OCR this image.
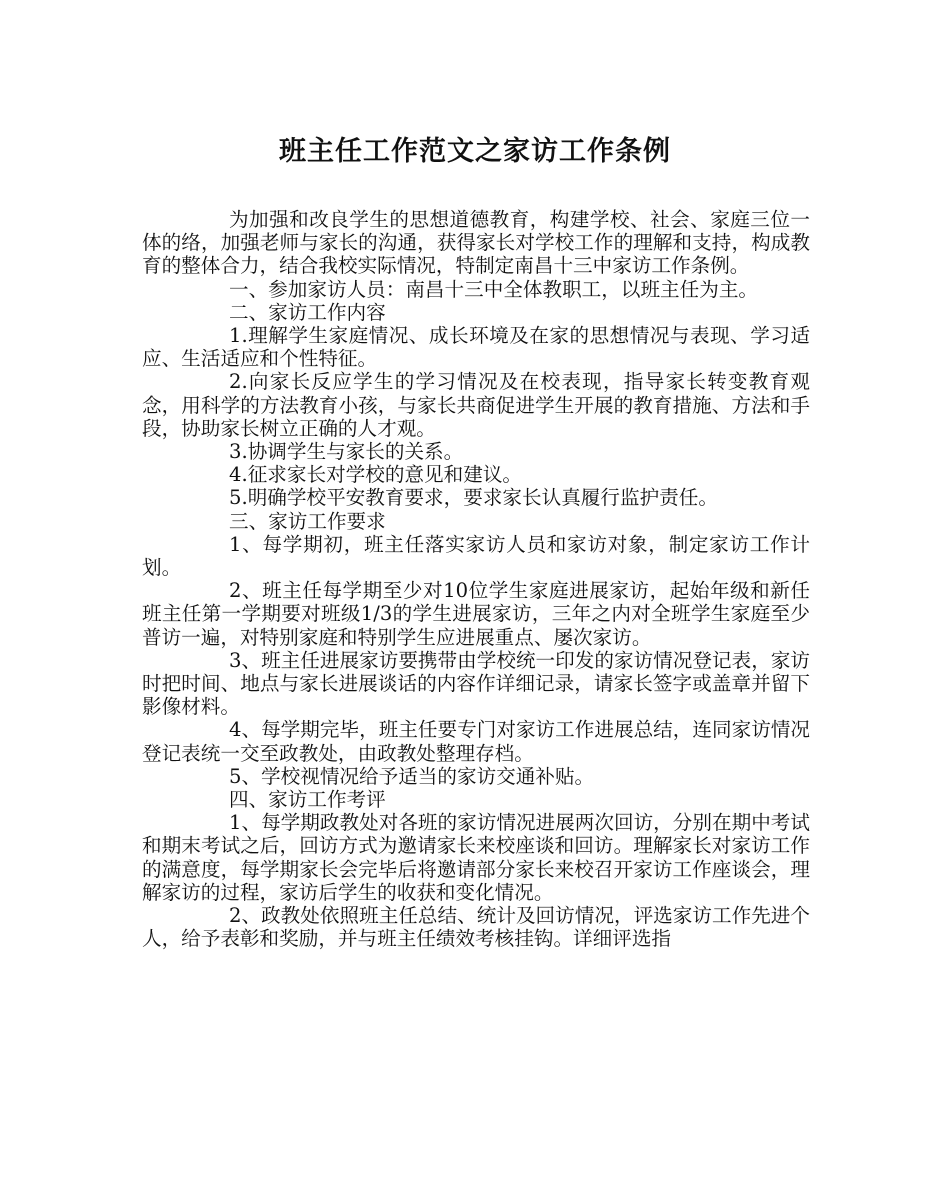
班主任工作范文之家访工作条例

为加强和改良学生的思想道德教育，构建学校、社会、家庭三位一体的络，加强老师与家长的沟通，获得家长对学校工作的理解和支持，构成教育的整体合力，结合我校实际情况，特制定南昌十三中家访工作条例。

一、参加家访人员：南昌十三中全体教职工，以班主任为主。

二、家访工作内容

1.理解学生家庭情况、成长环境及在家的思想情况与表现、学习适应、生活适应和个性特征。

2.向家长反应学生的学习情况及在校表现，指导家长转变教育观念，用科学的方法教育小孩，与家长共商促进学生开展的教育措施、方法和手段，协助家长树立正确的人才观。

3.协调学生与家长的关系。

4.征求家长对学校的意见和建议。

5.明确学校平安教育要求，要求家长认真履行监护责任。

三、家访工作要求

1、每学期初，班主任落实家访人员和家访对象，制定家访工作计划。

2、班主任每学期至少对10位学生家庭进展家访，起始年级和新任班主任第一学期要对班级1/3的学生进展家访，三年之内对全班学生家庭至少普访一遍，对特别家庭和特别学生应进展重点、屡次家访。

3、班主任进展家访要携带由学校统一印发的家访情况登记表，家访时把时间、地点与家长进展谈话的内容作详细记录，请家长签字或盖章并留下影像材料。

4、每学期完毕，班主任要专门对家访工作进展总结，连同家访情况登记表统一交至政教处，由政教处整理存档。

5、学校视情况给予适当的家访交通补贴。

四、家访工作考评

1、每学期政教处对各班的家访情况进展两次回访，分别在期中考试和期末考试之后，回访方式为邀请家长来校座谈和回访。理解家长对家访工作的满意度，每学期家长会完毕后将邀请部分家长来校召开家访工作座谈会，理解家访的过程，家访后学生的收获和变化情况。

2、政教处依照班主任总结、统计及回访情况，评选家访工作先进个人，给予表彰和奖励，并与班主任绩效考核挂钩。详细评选指
